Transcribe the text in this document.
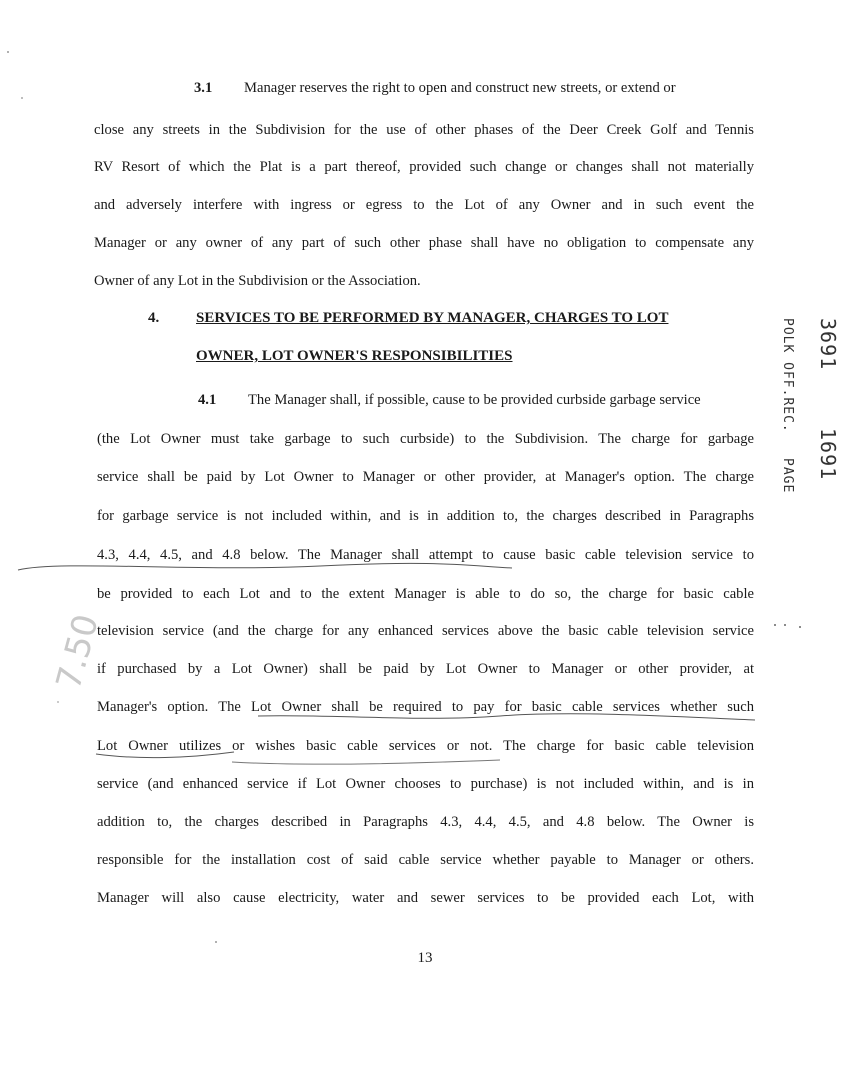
3.1 Manager reserves the right to open and construct new streets, or extend or
close any streets in the Subdivision for the use of other phases of the Deer Creek Golf and Tennis
RV Resort of which the Plat is a part thereof, provided such change or changes shall not materially
and adversely interfere with ingress or egress to the Lot of any Owner and in such event the
Manager or any owner of any part of such other phase shall have no obligation to compensate any
Owner of any Lot in the Subdivision or the Association.
4. SERVICES TO BE PERFORMED BY MANAGER, CHARGES TO LOT
OWNER, LOT OWNER'S RESPONSIBILITIES
4.1 The Manager shall, if possible, cause to be provided curbside garbage service
(the Lot Owner must take garbage to such curbside) to the Subdivision. The charge for garbage
service shall be paid by Lot Owner to Manager or other provider, at Manager's option. The charge
for garbage service is not included within, and is in addition to, the charges described in Paragraphs
4.3, 4.4, 4.5, and 4.8 below. The Manager shall attempt to cause basic cable television service to
be provided to each Lot and to the extent Manager is able to do so, the charge for basic cable
television service (and the charge for any enhanced services above the basic cable television service
if purchased by a Lot Owner) shall be paid by Lot Owner to Manager or other provider, at
Manager's option. The Lot Owner shall be required to pay for basic cable services whether such
Lot Owner utilizes or wishes basic cable services or not. The charge for basic cable television
service (and enhanced service if Lot Owner chooses to purchase) is not included within, and is in
addition to, the charges described in Paragraphs 4.3, 4.4, 4.5, and 4.8 below. The Owner is
responsible for the installation cost of said cable service whether payable to Manager or others.
Manager will also cause electricity, water and sewer services to be provided each Lot, with
3691
1691
POLK OFF.REC.
PAGE
7.50
13
